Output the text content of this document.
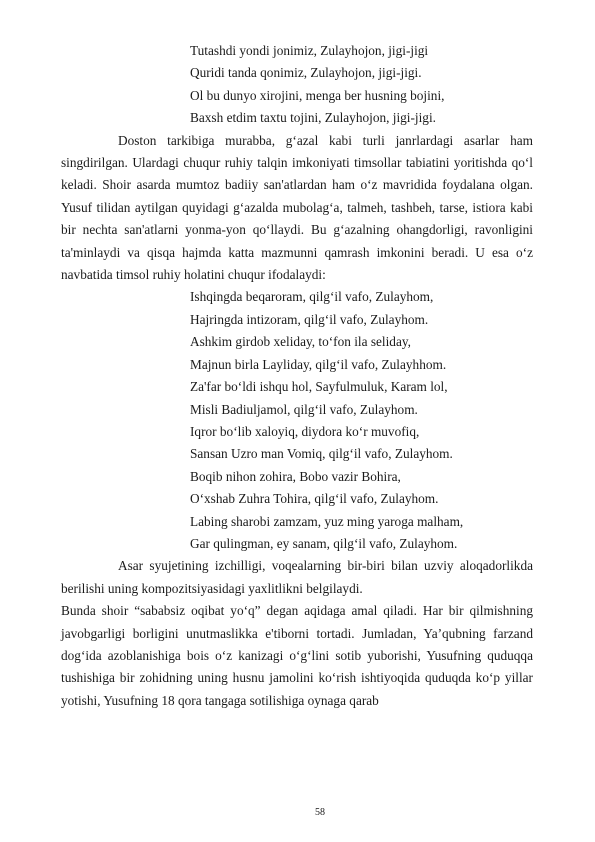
Tutashdi yondi jonimiz, Zulayhojon, jigi-jigi
Quridi tanda qonimiz, Zulayhojon, jigi-jigi.
Ol bu dunyo xirojini, menga ber husning bojini,
Baxsh etdim taxtu tojini, Zulayhojon, jigi-jigi.

Doston tarkibiga murabba, g‘azal kabi turli janrlardagi asarlar ham singdirilgan. Ulardagi chuqur ruhiy talqin imkoniyati timsollar tabiatini yoritishda qo‘l keladi. Shoir asarda mumtoz badiiy san'atlardan ham o‘z mavridida foydalana olgan. Yusuf tilidan aytilgan quyidagi g‘azalda mubolag‘a, talmeh, tashbeh, tarse, istiora kabi bir nechta san'atlarni yonma-yon qo‘llaydi. Bu g‘azalning ohangdorligi, ravonligini ta'minlaydi va qisqa hajmda katta mazmunni qamrash imkonini beradi. U esa o‘z navbatida timsol ruhiy holatini chuqur ifodalaydi:

Ishqingda beqaroram, qilg‘il vafo, Zulayhom,
Hajringda intizoram, qilg‘il vafo, Zulayhom.
Ashkim girdob xeliday, to‘fon ila seliday,
Majnun birla Layliday, qilg‘il vafo, Zulayhhom.
Za'far bo‘ldi ishqu hol, Sayfulmuluk, Karam lol,
Misli Badiuljamol, qilg‘il vafo, Zulayhom.
Iqror bo‘lib xaloyiq, diydora ko‘r muvofiq,
Sansan Uzro man Vomiq, qilg‘il vafo, Zulayhom.
Boqib nihon zohira, Bobo vazir Bohira,
O‘xshab Zuhra Tohira, qilg‘il vafo, Zulayhom.
Labing sharobi zamzam, yuz ming yaroga malham,
Gar qulingman, ey sanam, qilg‘il vafo, Zulayhom.

Asar syujetining izchilligi, voqealarning bir-biri bilan uzviy aloqadorlikda berilishi uning kompozitsiyasidagi yaxlitlikni belgilaydi.

Bunda shoir “sababsiz oqibat yo‘q” degan aqidaga amal qiladi. Har bir qilmishning javobgarligi borligini unutmaslikka e'tiborni tortadi. Jumladan, Ya’qubning farzand dog‘ida azoblanishiga bois o‘z kanizagi o‘g‘lini sotib yuborishi, Yusufning quduqqa tushishiga bir zohidning uning husnu jamolini ko‘rish ishtiyoqida quduqda ko‘p yillar yotishi, Yusufning 18 qora tangaga sotilishiga oynaga qarab

58
